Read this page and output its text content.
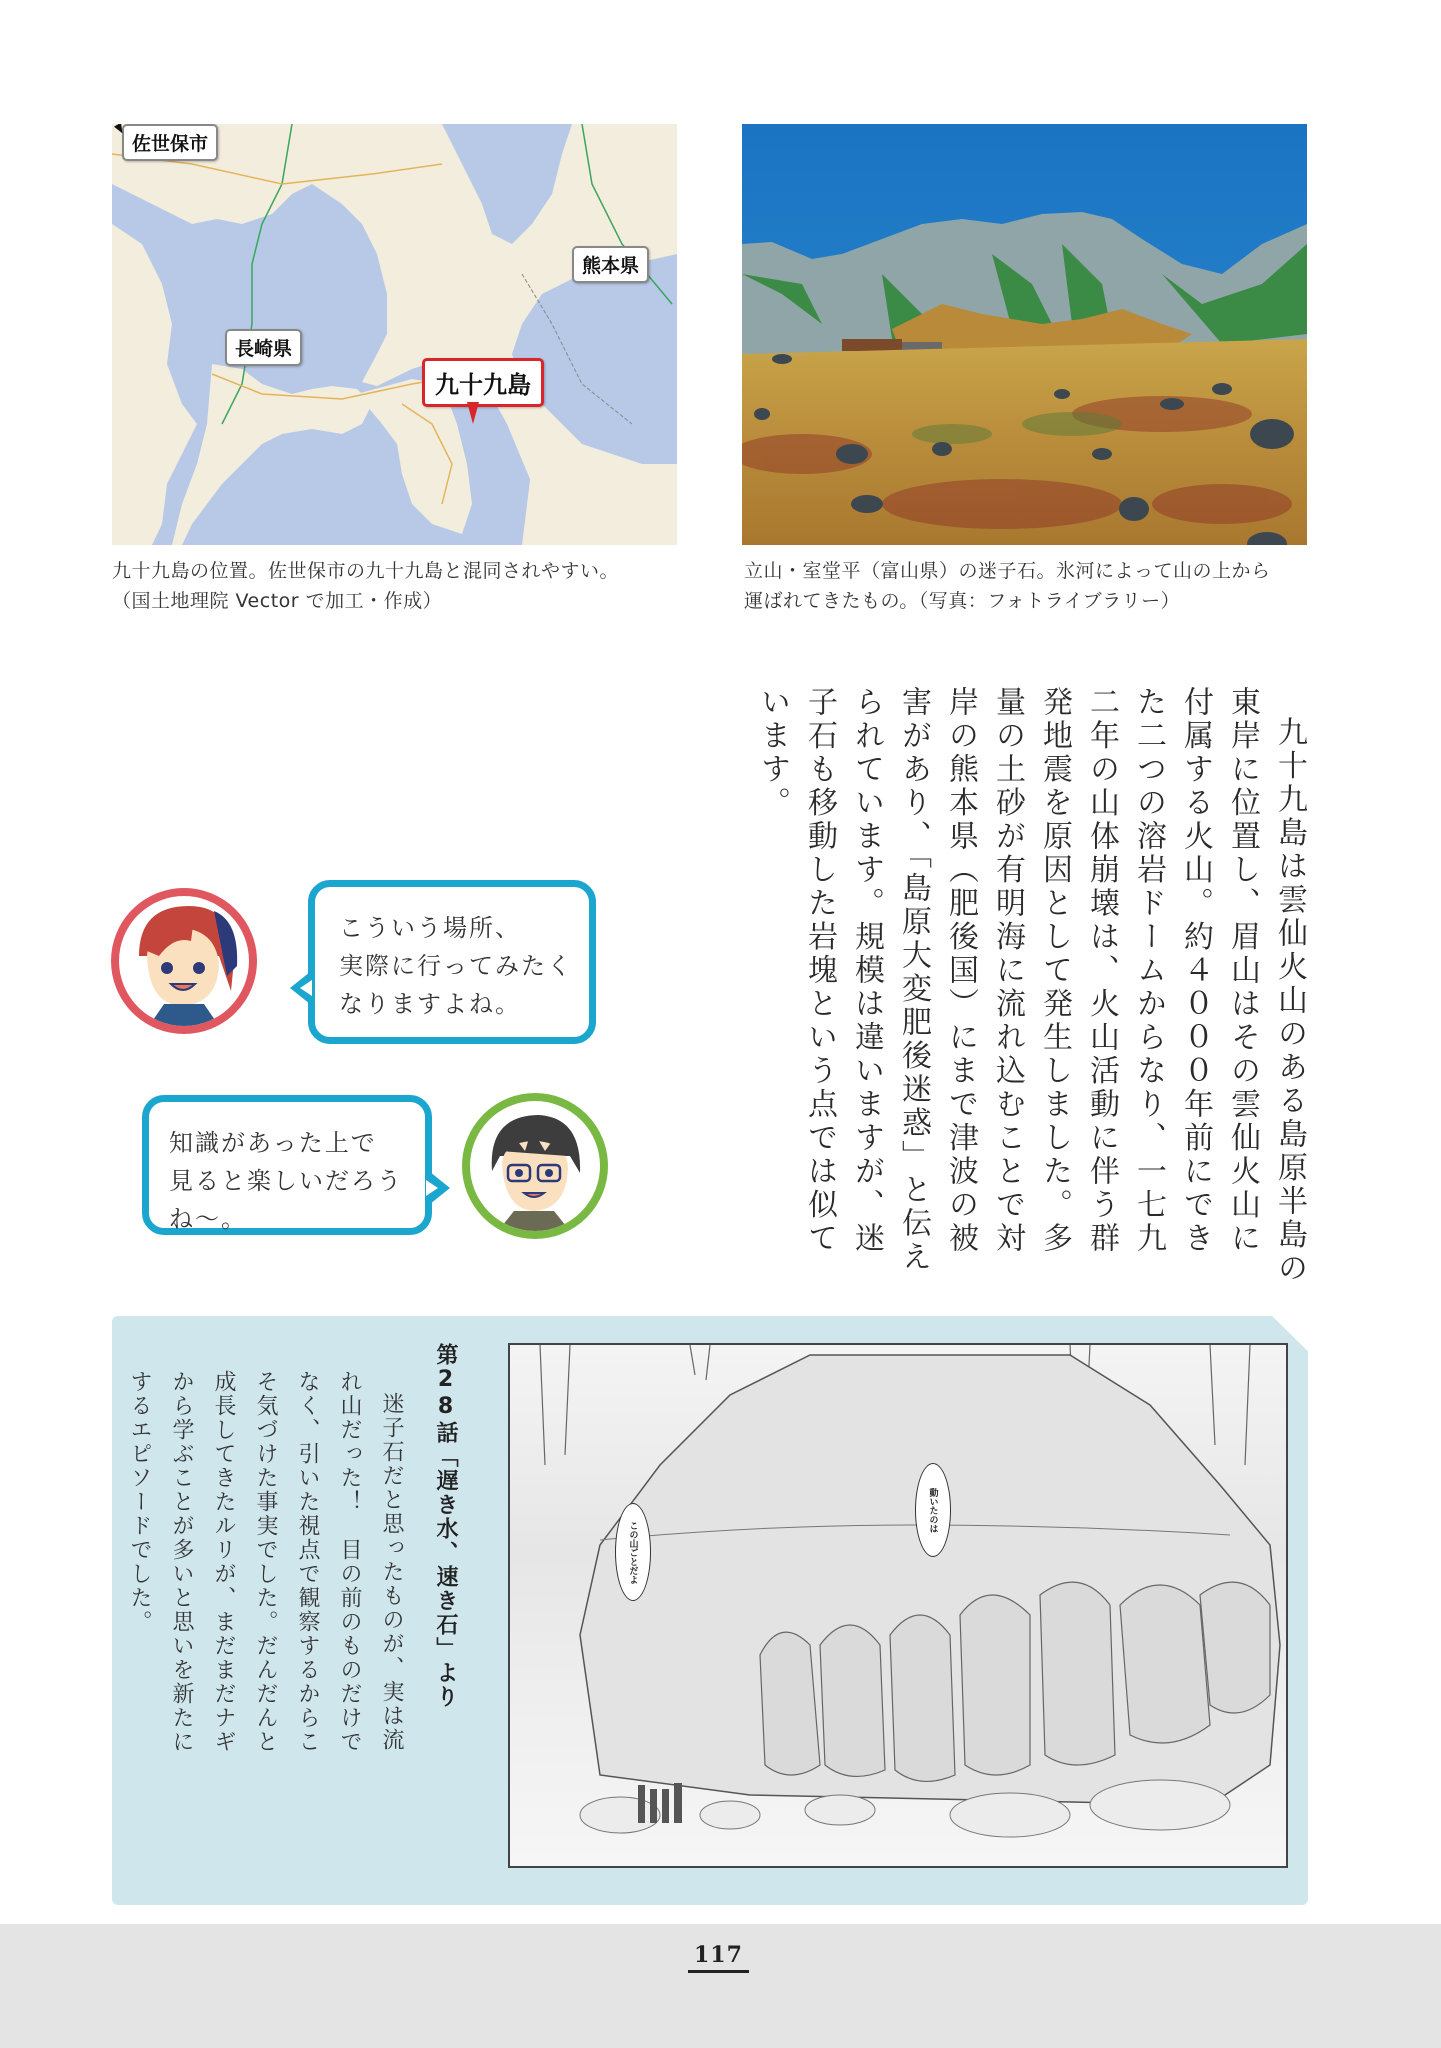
佐世保市
熊本県
長崎県
九十九島
九十九島の位置。佐世保市の九十九島と混同されやすい。
（国土地理院 Vector で加工・作成）
立山・室堂平（富山県）の迷子石。氷河によって山の上から
運ばれてきたもの。（写真：フォトライブラリー）

九十九島は雲仙火山のある島原半島の東岸に位置し、眉山はその雲仙火山に付属する火山。約４０００年前にできた二つの溶岩ドームからなり、一七九二年の山体崩壊は、火山活動に伴う群発地震を原因として発生しました。多量の土砂が有明海に流れ込むことで対岸の熊本県（肥後国）にまで津波の被害があり、「島原大変肥後迷惑」と伝えられています。規模は違いますが、迷子石も移動した岩塊という点では似ています。

こういう場所、
実際に行ってみたく
なりますよね。
知識があった上で
見ると楽しいだろう
ね〜。
第28話「遅き水、速き石」より

迷子石だと思ったものが、実は流れ山だった！　目の前のものだけでなく、引いた視点で観察するからこそ気づけた事実でした。だんだんと成長してきたルリが、まだまだナギから学ぶことが多いと思いを新たにするエピソードでした。	この山ごとだよ
動いたのは
117
